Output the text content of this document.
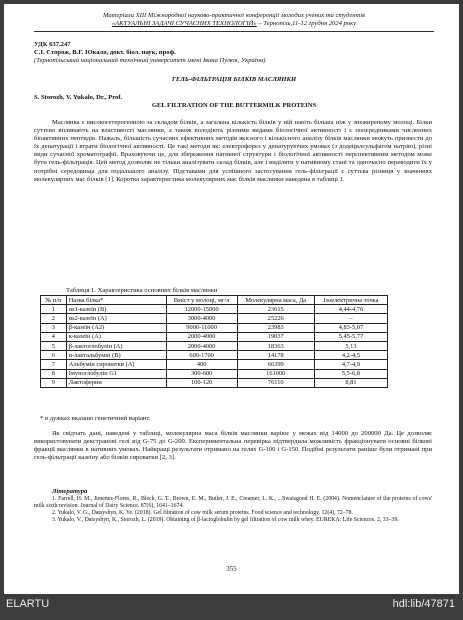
Матеріали XIII Міжнародної науково-практичної конференції молодих учених та студентів
«АКТУАЛЬНІ ЗАДАЧІ СУЧАСНИХ ТЕХНОЛОГІЙ» – Тернопіль,11-12 грудня 2024 року
УДК 637.247
С.І. Сторож, В.Г. Юкало, докт. біол. наук, проф.
(Тернопільський національний технічний університет імені Івана Пулюя, Україна)
ГЕЛЬ-ФІЛЬТРАЦІЯ БІЛКІВ МАСЛЯНКИ
S. Storozh, V. Yukalo, Dr., Prof.
GEL FILTRATION OF THE BUTTERMILK PROTEINS

Маслянка є високогетерогенною за складом білків, а загальна кількість білків у ній навіть більша ніж у знежиреному молоці. Білки суттєво впливають на властивості маслянки, а також володіють різними видами біологічної активності і є попередниками численних біоактивних пептидів. Нажаль, більшість сучасних ефективних методів якісного і кількісного аналізу білків маслянки можуть призвести до їх денатурації і втрати біологічної активності. Це такі методи як: електрофорез у денатуруючих умовах (з додецилсульфатом натрію), різні види сучасної хроматографії. Враховуючи це, для збереження нативної структури і біологічної активності перспективним методом може бути гель-фільтрація. Цей метод дозволяє не тільки аналізувати склад білків, але і виділяти у нативному стані та одночасно переводити їх у потрібні середовища для подальшого аналізу. Підставами для успішного застосування гель-фільтрації є суттєва різниця у значеннях молекулярних мас білків [1]. Коротка характеристика молекулярних мас білків маслянки наведена в таблиці 1.

Таблиця 1. Характеристика основних білків маслянки
№ п/п	Назва білка*	Вміст у молоці, мг/л	Молекулярна маса, Да	Ізоелектрична точка
1	αs1-казеїн (В)	12000-15000	23615	4,44-4,76
2	αs2-казеїн (А)	3000-4000	25226	–
3	β-казеїн (А2)	9000-11000	23983	4,83-5,07
4	к-казеїн (А)	2000-4000	19037	5,45-5,77
5	β-лактоглобулін (А)	2000-4000	18363	5,13
6	α-лактальбумін (В)	600-1700	14178	4,2-4,5
7	Альбумін сироватки (А)	400	66399	4,7-4,9
8	Імуноглобулін G1	300-600	161000	5,5-6,8
9	Лактоферин	100-120	76110	8,81
* в дужках вказано генетичний варіант.

Як свідчать дані, наведені у таблиці, молекулярна маса білків маслянки варіює у межах від 14000 до 200000 Да. Це дозволяє використовувати декстранові гелі від G-75 до G-200. Експериментальна перевірка підтвердила можливість фракціонувати основні білкові фракції маслянки в нативних умовах. Найкращі результати отримано на гелях G-100 і G-150. Подібні результати раніше були отримані при гель-фільтрації казеїну або білків сироватки [2, 3].

Література

1. Farrell, H. M., Jimenez-Flores, R., Bleck, G. T., Brown, E. M., Butler, J. E., Creamer, L. K., ...Swaisgood H. E. (2004). Nomenclature of the proteins of cows' milk sixth revision. Journal of Dairy Science. 87(6), 1641–1674.

2. Yukalo, V. G., Datsyshyn, K. Ye. (2018). Gel filtration of cow milk serum proteins. Food science and technology. 12(4), 72–78.

3. Yukalo, V., Datsyshyn, K., Storozh, L. (2019). Obtaining of β-lactoglobulin by gel filtration of cow milk whey. EUREKA: Life Sciences. 2, 33–39.

355
ELARTU	hdl:lib/47871
